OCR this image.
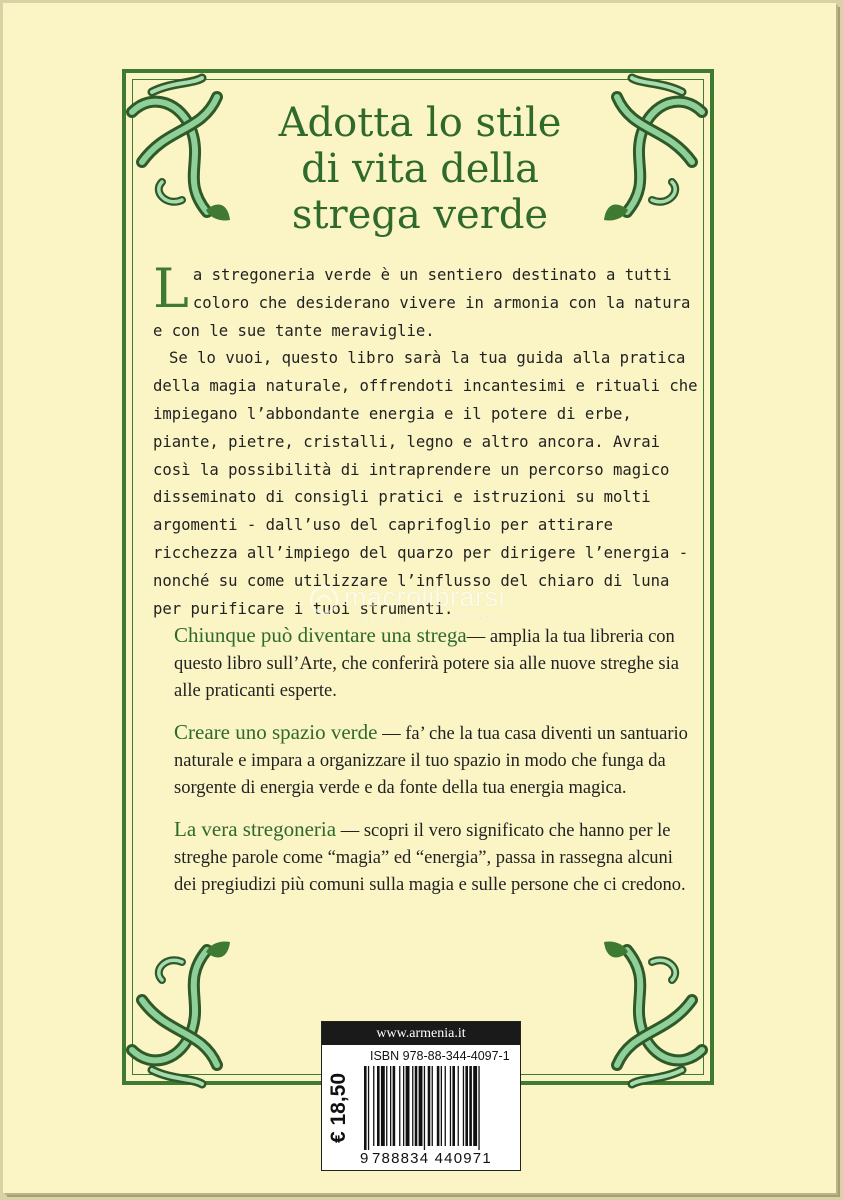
Adotta lo stile
di vita della
strega verde

La stregoneria verde è un sentiero destinato a tutti coloro che desiderano vivere in armonia con la natura e con le sue tante meraviglie.

Se lo vuoi, questo libro sarà la tua guida alla pratica della magia naturale, offrendoti incantesimi e rituali che impiegano l’abbondante energia e il potere di erbe, piante, pietre, cristalli, legno e altro ancora. Avrai così la possibilità di intraprendere un percorso magico disseminato di consigli pratici e istruzioni su molti argomenti - dall’uso del caprifoglio per attirare ricchezza all’impiego del quarzo per dirigere l’energia - nonché su come utilizzare l’influsso del chiaro di luna per purificare i tuoi strumenti.

macrolibrarsi
ALTERNATIVA NATURALE

Chiunque può diventare una strega— amplia la tua libreria con questo libro sull’Arte, che conferirà potere sia alle nuove streghe sia alle praticanti esperte.

Creare uno spazio verde — fa’ che la tua casa diventi un santuario naturale e impara a organizzare il tuo spazio in modo che funga da sorgente di energia verde e da fonte della tua energia magica.

La vera stregoneria — scopri il vero significato che hanno per le streghe parole come “magia” ed “energia”, passa in rassegna alcuni dei pregiudizi più comuni sulla magia e sulle persone che ci credono.

www.armenia.it
€ 18,50
ISBN 978-88-344-4097-1
9 788834 440971
